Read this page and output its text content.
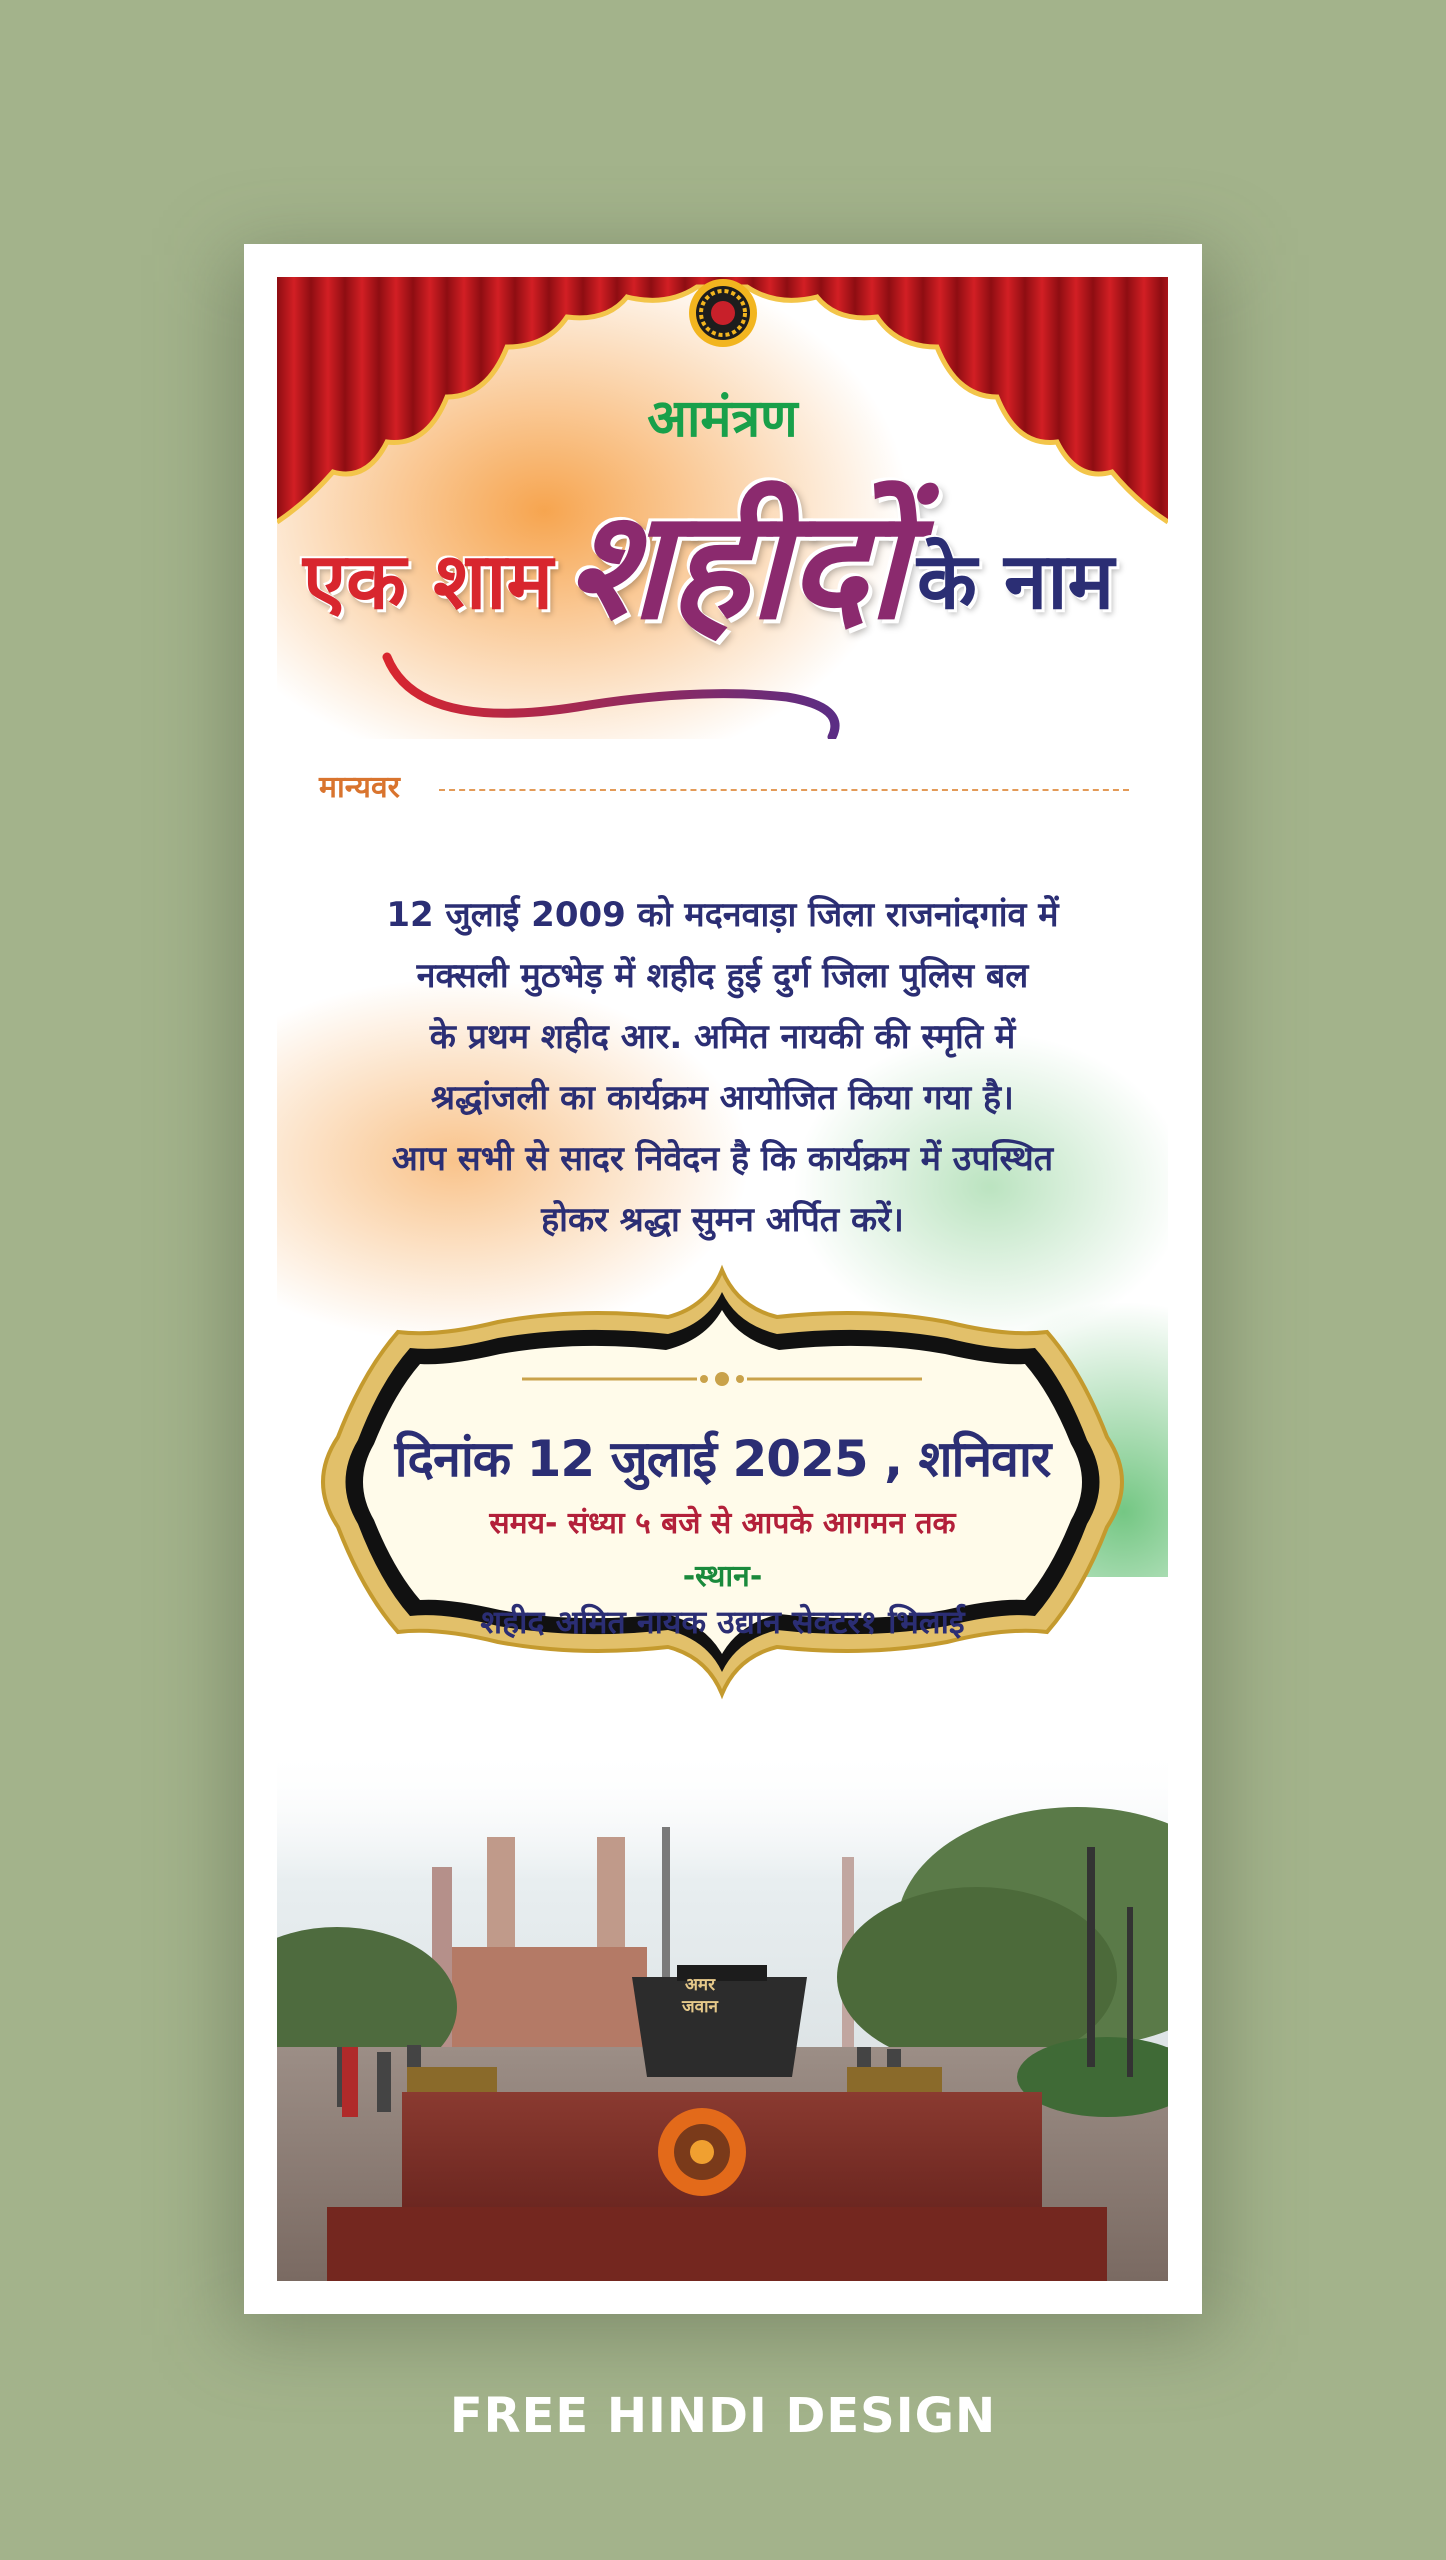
आमंत्रण
एक शाम शहीदों के नाम
मान्यवर
12 जुलाई 2009 को मदनवाड़ा जिला राजनांदगांव में
नक्सली मुठभेड़ में शहीद हुई दुर्ग जिला पुलिस बल
के प्रथम शहीद आर. अमित नायकी की स्मृति में
श्रद्धांजली का कार्यक्रम आयोजित किया गया है।
आप सभी से सादर निवेदन है कि कार्यक्रम में उपस्थित
होकर श्रद्धा सुमन अर्पित करें।
दिनांक 12 जुलाई 2025 , शनिवार
समय- संध्या ५ बजे से आपके आगमन तक
-स्थान-
शहीद अमित नायक उद्यान सेक्टर१ भिलाई
अमर
जवान
FREE HINDI DESIGN
